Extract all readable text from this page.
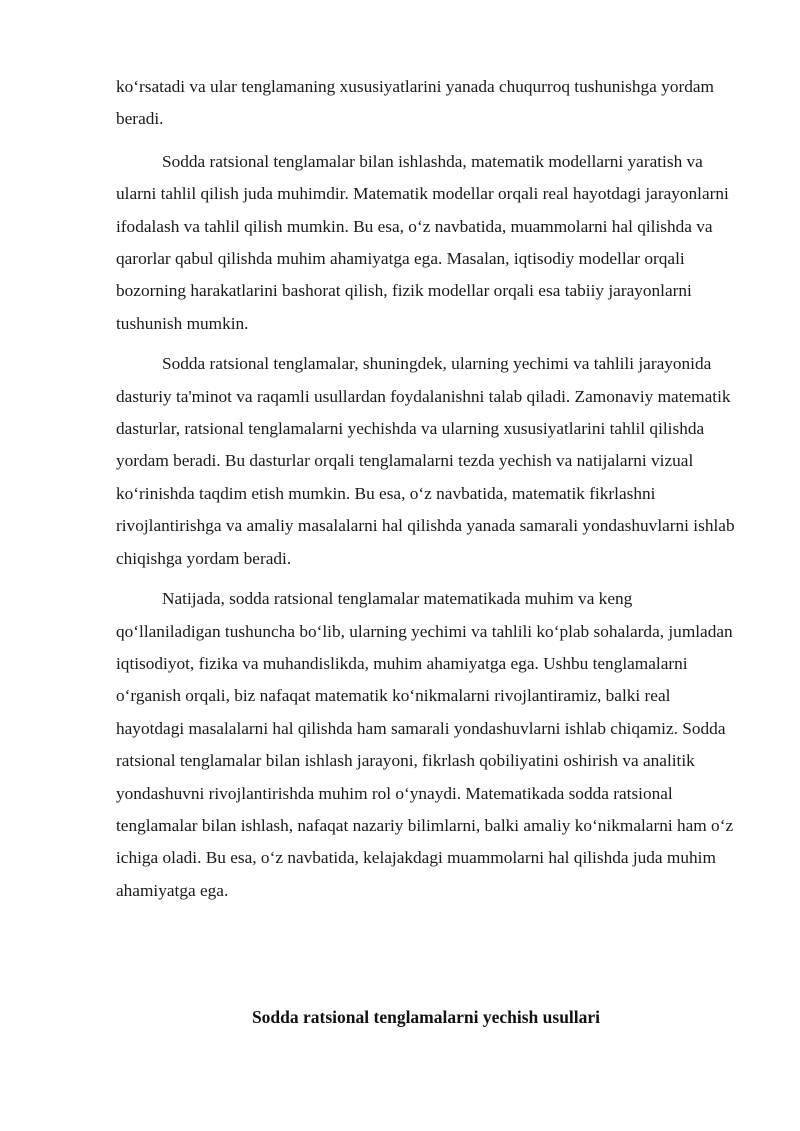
ko‘rsatadi va ular tenglamaning xususiyatlarini yanada chuqurroq tushunishga yordam beradi.

Sodda ratsional tenglamalar bilan ishlashda, matematik modellarni yaratish va ularni tahlil qilish juda muhimdir. Matematik modellar orqali real hayotdagi jarayonlarni ifodalash va tahlil qilish mumkin. Bu esa, o‘z navbatida, muammolarni hal qilishda va qarorlar qabul qilishda muhim ahamiyatga ega. Masalan, iqtisodiy modellar orqali bozorning harakatlarini bashorat qilish, fizik modellar orqali esa tabiiy jarayonlarni tushunish mumkin.

Sodda ratsional tenglamalar, shuningdek, ularning yechimi va tahlili jarayonida dasturiy ta'minot va raqamli usullardan foydalanishni talab qiladi. Zamonaviy matematik dasturlar, ratsional tenglamalarni yechishda va ularning xususiyatlarini tahlil qilishda yordam beradi. Bu dasturlar orqali tenglamalarni tezda yechish va natijalarni vizual ko‘rinishda taqdim etish mumkin. Bu esa, o‘z navbatida, matematik fikrlashni rivojlantirishga va amaliy masalalarni hal qilishda yanada samarali yondashuvlarni ishlab chiqishga yordam beradi.

Natijada, sodda ratsional tenglamalar matematikada muhim va keng qo‘llaniladigan tushuncha bo‘lib, ularning yechimi va tahlili ko‘plab sohalarda, jumladan iqtisodiyot, fizika va muhandislikda, muhim ahamiyatga ega. Ushbu tenglamalarni o‘rganish orqali, biz nafaqat matematik ko‘nikmalarni rivojlantiramiz, balki real hayotdagi masalalarni hal qilishda ham samarali yondashuvlarni ishlab chiqamiz. Sodda ratsional tenglamalar bilan ishlash jarayoni, fikrlash qobiliyatini oshirish va analitik yondashuvni rivojlantirishda muhim rol o‘ynaydi. Matematikada sodda ratsional tenglamalar bilan ishlash, nafaqat nazariy bilimlarni, balki amaliy ko‘nikmalarni ham o‘z ichiga oladi. Bu esa, o‘z navbatida, kelajakdagi muammolarni hal qilishda juda muhim ahamiyatga ega.

Sodda ratsional tenglamalarni yechish usullari
